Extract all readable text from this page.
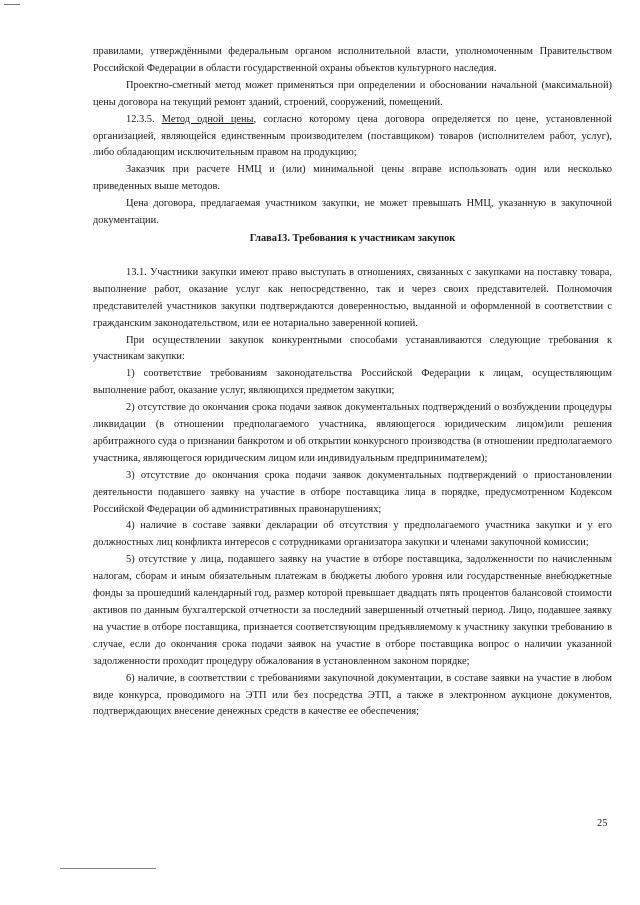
правилами, утверждёнными федеральным органом исполнительной власти, уполномоченным Правительством Российской Федерации в области государственной охраны объектов культурного наследия.

Проектно-сметный метод может применяться при определении и обосновании начальной (максимальной) цены договора на текущий ремонт зданий, строений, сооружений, помещений.

12.3.5. Метод одной цены, согласно которому цена договора определяется по цене, установленной организацией, являющейся единственным производителем (поставщиком) товаров (исполнителем работ, услуг), либо обладающим исключительным правом на продукцию;

Заказчик при расчете НМЦ и (или) минимальной цены вправе использовать один или несколько приведенных выше методов.

Цена договора, предлагаемая участником закупки, не может превышать НМЦ, указанную в закупочной документации.

Глава13. Требования к участникам закупок

13.1. Участники закупки имеют право выступать в отношениях, связанных с закупками на поставку товара, выполнение работ, оказание услуг как непосредственно, так и через своих представителей. Полномочия представителей участников закупки подтверждаются доверенностью, выданной и оформленной в соответствии с гражданским законодательством, или ее нотариально заверенной копией.

При осуществлении закупок конкурентными способами устанавливаются следующие требования к участникам закупки:

1) соответствие требованиям законодательства Российской Федерации к лицам, осуществляющим выполнение работ, оказание услуг, являющихся предметом закупки;

2) отсутствие до окончания срока подачи заявок документальных подтверждений о возбуждении процедуры ликвидации (в отношении предполагаемого участника, являющегося юридическим лицом)или решения арбитражного суда о признании банкротом и об открытии конкурсного производства (в отношении предполагаемого участника, являющегося юридическим лицом или индивидуальным предпринимателем);

3) отсутствие до окончания срока подачи заявок документальных подтверждений о приостановлении деятельности подавшего заявку на участие в отборе поставщика лица в порядке, предусмотренном Кодексом Российской Федерации об административных правонарушениях;

4) наличие в составе заявки декларации об отсутствия у предполагаемого участника закупки и у его должностных лиц конфликта интересов с сотрудниками организатора закупки и членами закупочной комиссии;

5) отсутствие у лица, подавшего заявку на участие в отборе поставщика, задолженности по начисленным налогам, сборам и иным обязательным платежам в бюджеты любого уровня или государственные внебюджетные фонды за прошедший календарный год, размер которой превышает двадцать пять процентов балансовой стоимости активов по данным бухгалтерской отчетности за последний завершенный отчетный период. Лицо, подавшее заявку на участие в отборе поставщика, признается соответствующим предъявляемому к участнику закупки требованию в случае, если до окончания срока подачи заявок на участие в отборе поставщика вопрос о наличии указанной задолженности проходит процедуру обжалования в установленном законом порядке;

6) наличие, в соответствии с требованиями закупочной документации, в составе заявки на участие в любом виде конкурса, проводимого на ЭТП или без посредства ЭТП, а также в электронном аукционе документов, подтверждающих внесение денежных средств в качестве ее обеспечения;

25
